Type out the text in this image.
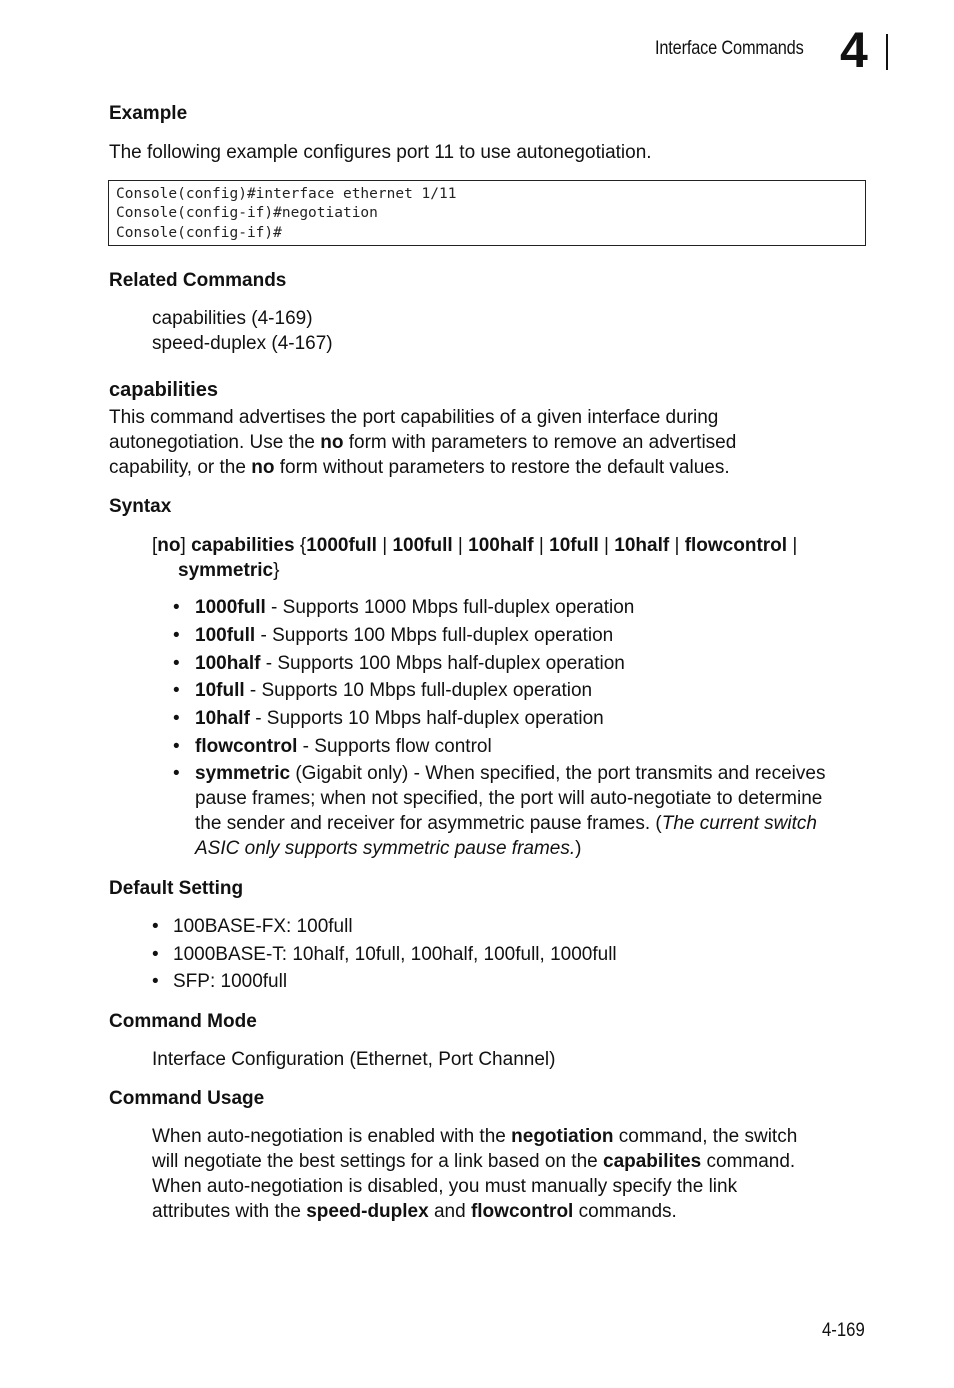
Interface Commands 4
Example
The following example configures port 11 to use autonegotiation.
Console(config)#interface ethernet 1/11
Console(config-if)#negotiation
Console(config-if)#
Related Commands
capabilities (4-169)
speed-duplex (4-167)
capabilities
This command advertises the port capabilities of a given interface during
autonegotiation. Use the no form with parameters to remove an advertised
capability, or the no form without parameters to restore the default values.
Syntax
[no] capabilities {1000full | 100full | 100half | 10full | 10half | flowcontrol |
symmetric}
• 1000full - Supports 1000 Mbps full-duplex operation
• 100full - Supports 100 Mbps full-duplex operation
• 100half - Supports 100 Mbps half-duplex operation
• 10full - Supports 10 Mbps full-duplex operation
• 10half - Supports 10 Mbps half-duplex operation
• flowcontrol - Supports flow control
• symmetric (Gigabit only) - When specified, the port transmits and receives
pause frames; when not specified, the port will auto-negotiate to determine
the sender and receiver for asymmetric pause frames. (The current switch
ASIC only supports symmetric pause frames.)
Default Setting
• 100BASE-FX: 100full
• 1000BASE-T: 10half, 10full, 100half, 100full, 1000full
• SFP: 1000full
Command Mode
Interface Configuration (Ethernet, Port Channel)
Command Usage
When auto-negotiation is enabled with the negotiation command, the switch
will negotiate the best settings for a link based on the capabilites command.
When auto-negotiation is disabled, you must manually specify the link
attributes with the speed-duplex and flowcontrol commands.
4-169
